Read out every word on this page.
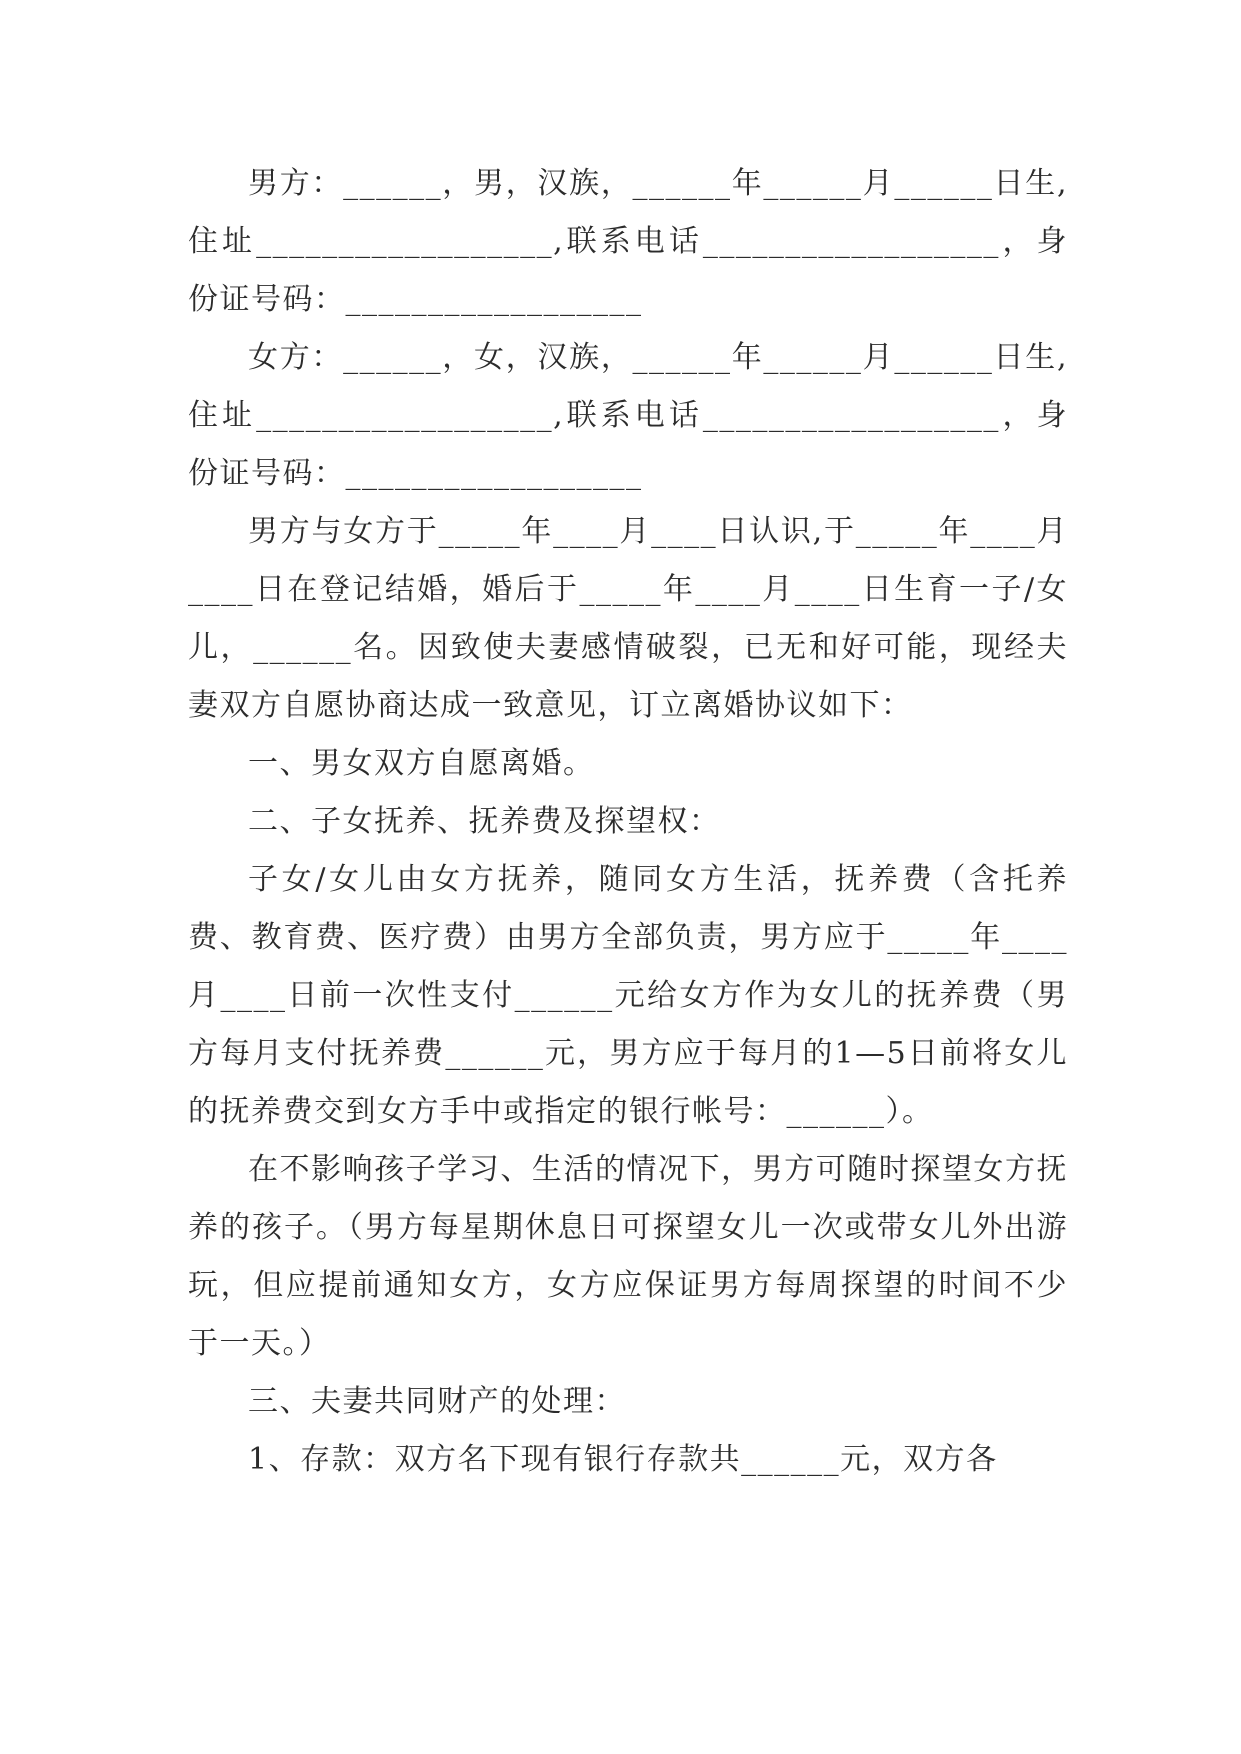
男方：______，男，汉族，______年______月______日生,住址__________________,联系电话__________________，身份证号码：__________________

女方：______，女，汉族，______年______月______日生,住址__________________,联系电话__________________，身份证号码：__________________

男方与女方于_____年____月____日认识,于_____年____月____日在登记结婚，婚后于_____年____月____日生育一子/女儿，______名。因致使夫妻感情破裂，已无和好可能，现经夫妻双方自愿协商达成一致意见，订立离婚协议如下：

一、男女双方自愿离婚。

二、子女抚养、抚养费及探望权：

子女/女儿由女方抚养，随同女方生活，抚养费（含托养费、教育费、医疗费）由男方全部负责，男方应于_____年____月____日前一次性支付______元给女方作为女儿的抚养费（男方每月支付抚养费______元，男方应于每月的1—5日前将女儿的抚养费交到女方手中或指定的银行帐号：______）。

在不影响孩子学习、生活的情况下，男方可随时探望女方抚养的孩子。（男方每星期休息日可探望女儿一次或带女儿外出游玩，但应提前通知女方，女方应保证男方每周探望的时间不少于一天。）

三、夫妻共同财产的处理：

1、存款：双方名下现有银行存款共______元，双方各
